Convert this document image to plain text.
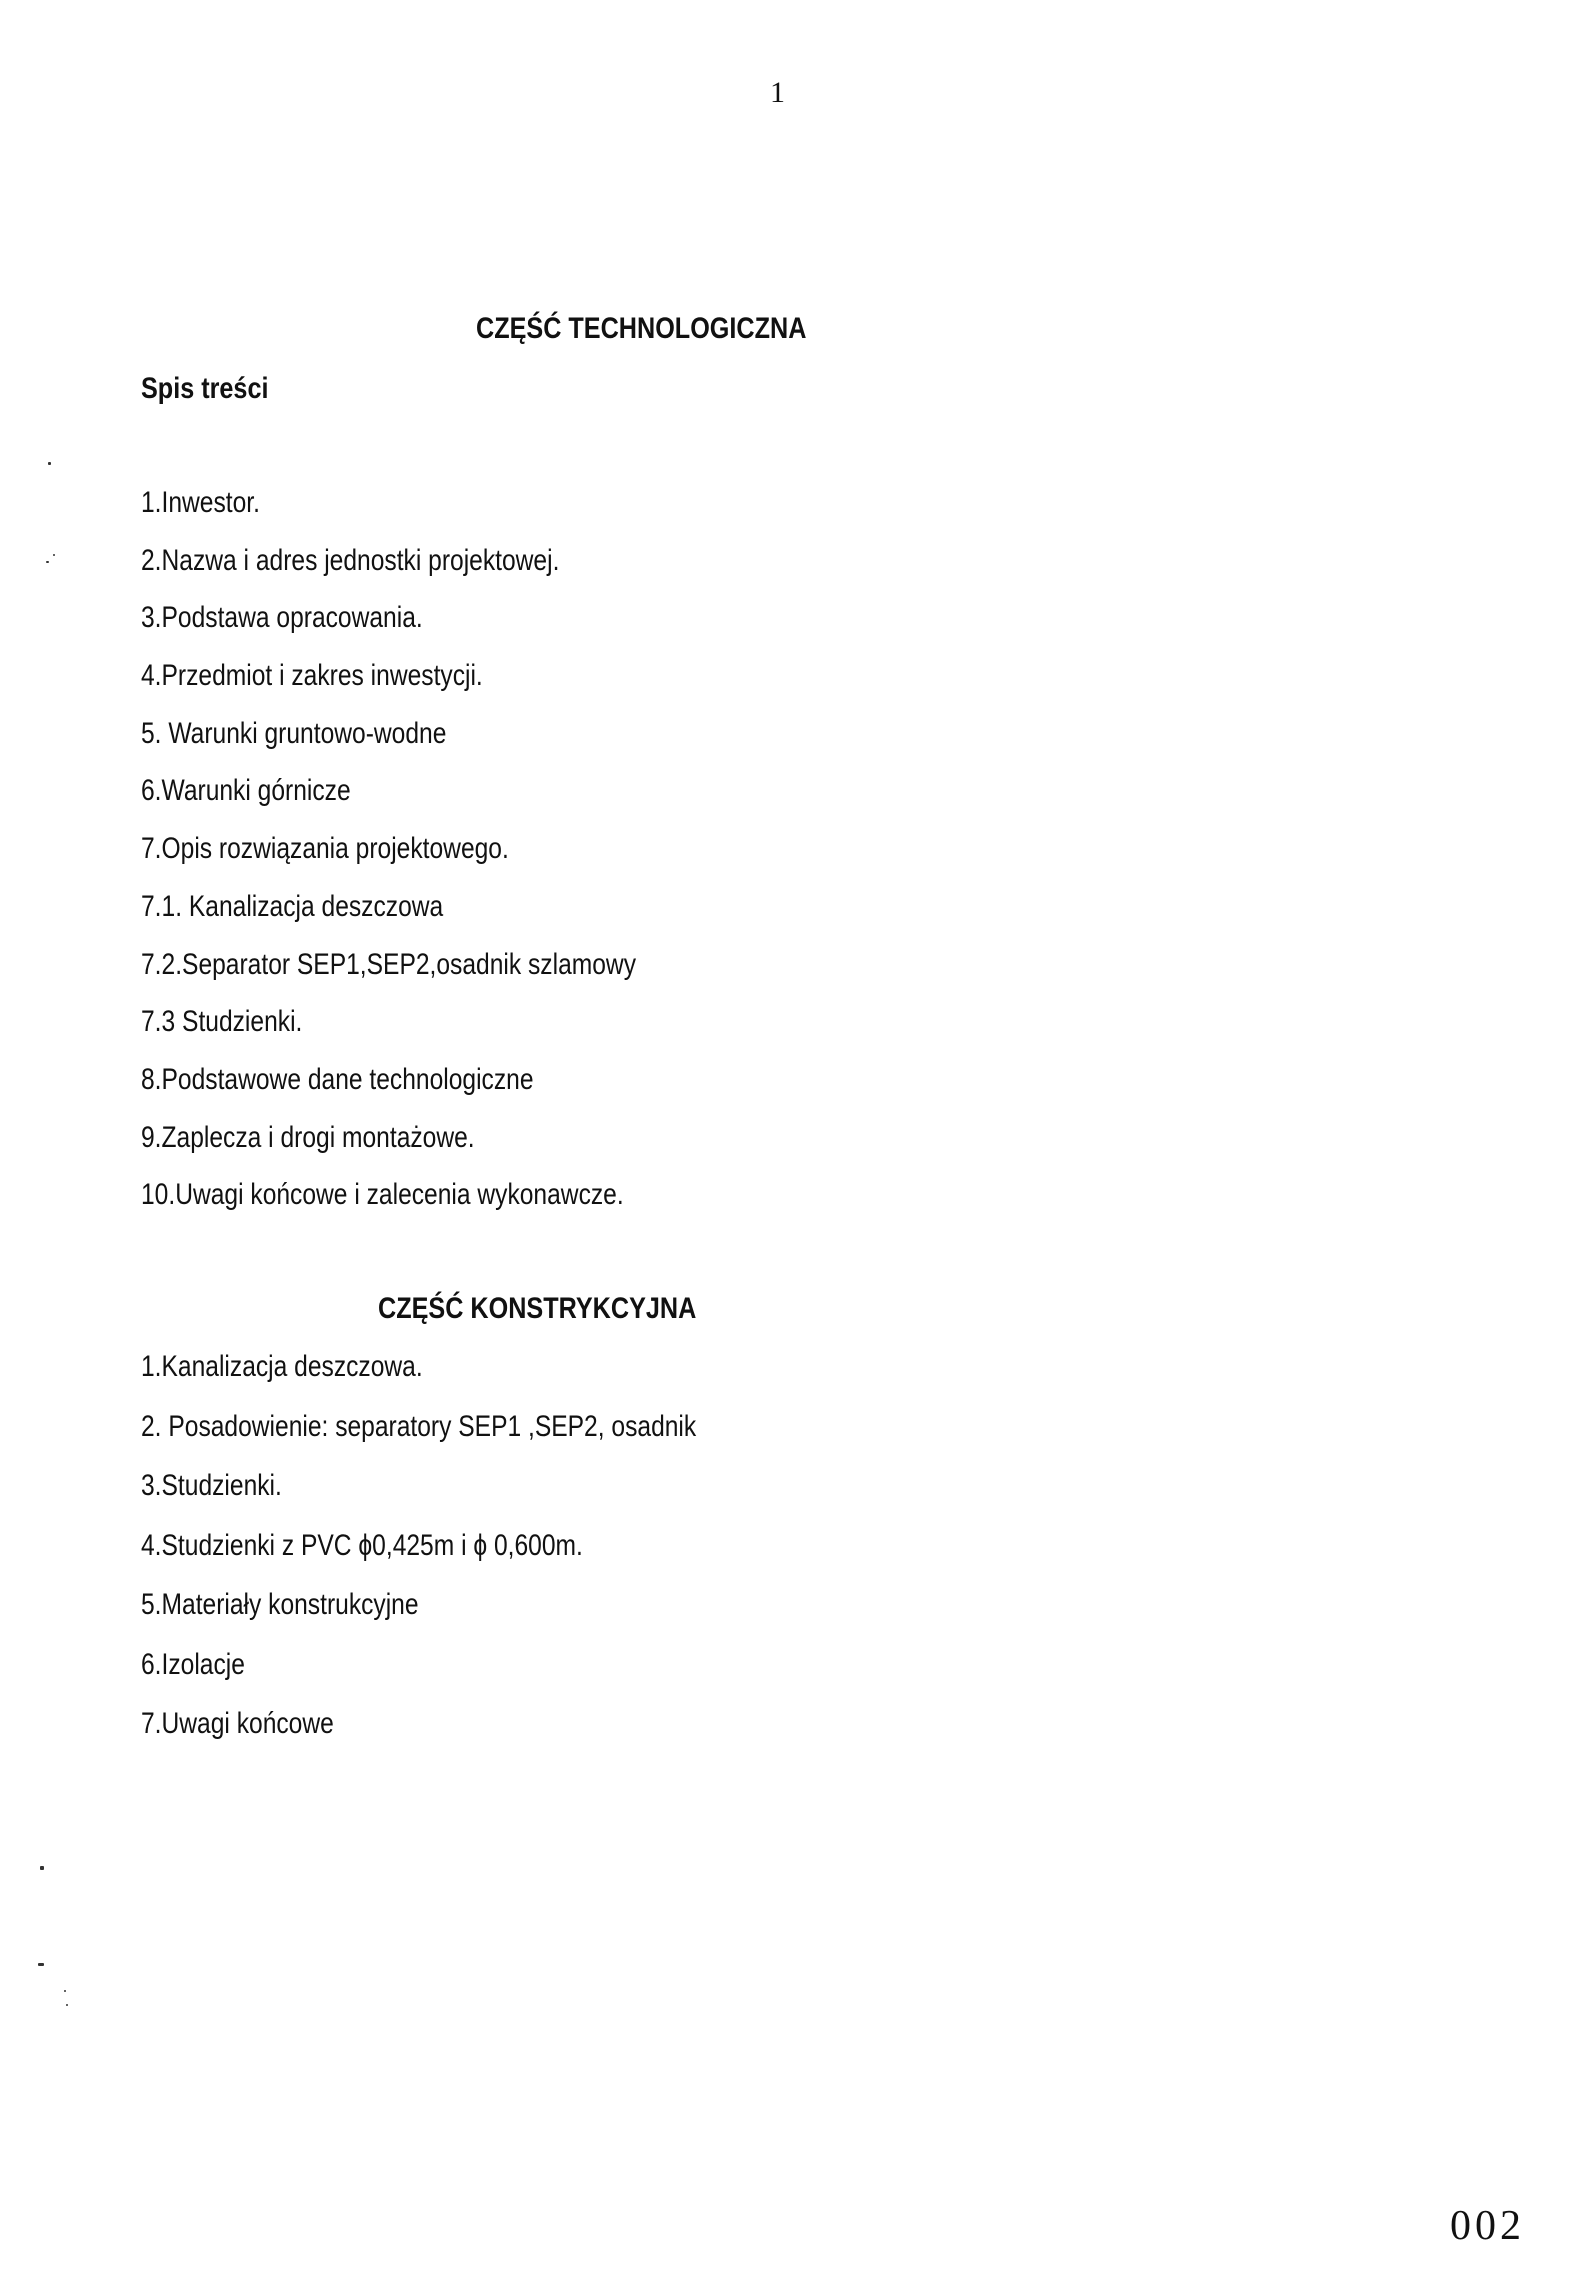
1
CZĘŚĆ TECHNOLOGICZNA
Spis treści
1.Inwestor.
2.Nazwa i adres jednostki projektowej.
3.Podstawa opracowania.
4.Przedmiot i zakres inwestycji.
5. Warunki gruntowo-wodne
6.Warunki górnicze
7.Opis rozwiązania projektowego.
7.1. Kanalizacja deszczowa
7.2.Separator SEP1,SEP2,osadnik szlamowy
7.3 Studzienki.
8.Podstawowe dane technologiczne
9.Zaplecza i drogi montażowe.
10.Uwagi końcowe i zalecenia wykonawcze.
CZĘŚĆ KONSTRYKCYJNA
1.Kanalizacja deszczowa.
2. Posadowienie: separatory SEP1 ,SEP2, osadnik
3.Studzienki.
4.Studzienki z PVC ϕ0,425m i ϕ 0,600m.
5.Materiały konstrukcyjne
6.Izolacje
7.Uwagi końcowe
002
